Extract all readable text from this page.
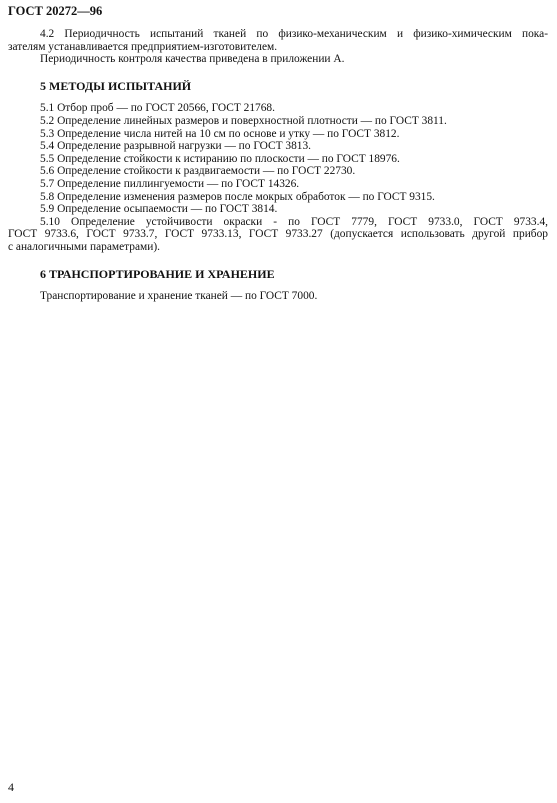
ГОСТ 20272—96

4.2 Периодичность испытаний тканей по физико-механическим и физико-химическим пока-

зателям устанавливается предприятием-изготовителем.

Периодичность контроля качества приведена в приложении А.

5 МЕТОДЫ ИСПЫТАНИЙ

5.1 Отбор проб — по ГОСТ 20566, ГОСТ 21768.

5.2 Определение линейных размеров и поверхностной плотности — по ГОСТ 3811.

5.3 Определение числа нитей на 10 см по основе и утку — по ГОСТ 3812.

5.4 Определение разрывной нагрузки — по ГОСТ 3813.

5.5 Определение стойкости к истиранию по плоскости — по ГОСТ 18976.

5.6 Определение стойкости к раздвигаемости — по ГОСТ 22730.

5.7 Определение пиллингуемости — по ГОСТ 14326.

5.8 Определение изменения размеров после мокрых обработок — по ГОСТ 9315.

5.9 Определение осыпаемости — по ГОСТ 3814.

5.10 Определение устойчивости окраски - по ГОСТ 7779, ГОСТ 9733.0, ГОСТ 9733.4,

ГОСТ 9733.6, ГОСТ 9733.7, ГОСТ 9733.13, ГОСТ 9733.27 (допускается использовать другой прибор

с аналогичными параметрами).

6 ТРАНСПОРТИРОВАНИЕ И ХРАНЕНИЕ

Транспортирование и хранение тканей — по ГОСТ 7000.

4
